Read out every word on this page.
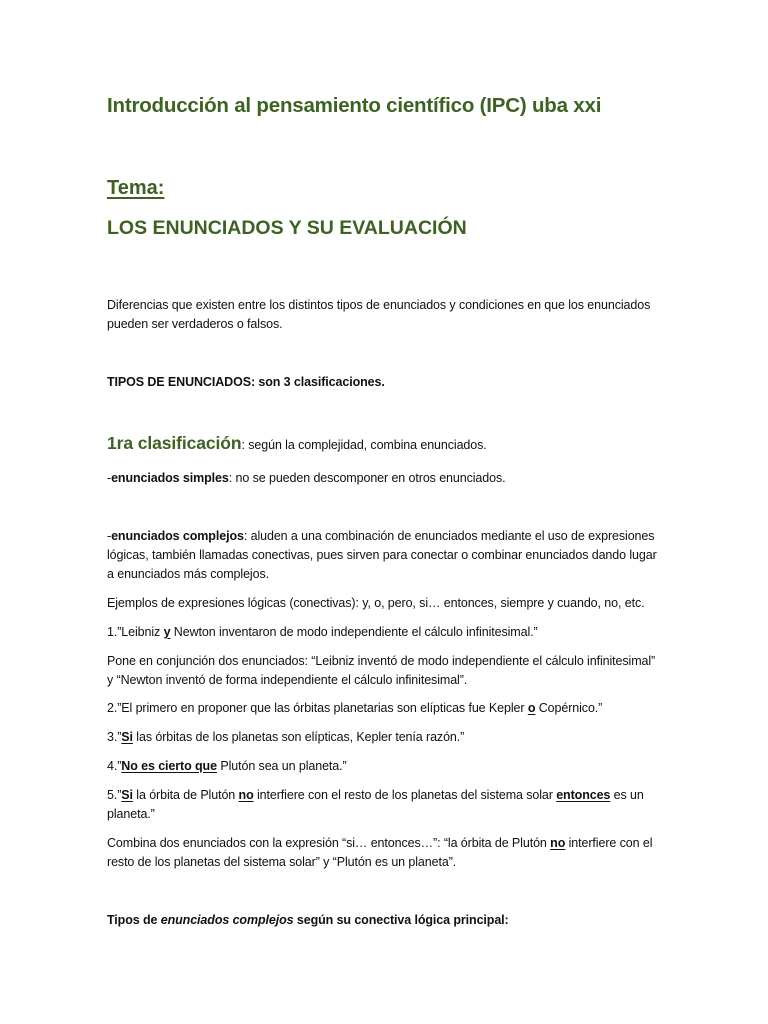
Introducción al pensamiento científico (IPC) uba xxi
Tema:
LOS ENUNCIADOS Y SU EVALUACIÓN

Diferencias que existen entre los distintos tipos de enunciados y condiciones en que los enunciados pueden ser verdaderos o falsos.

TIPOS DE ENUNCIADOS: son 3 clasificaciones.

1ra clasificación: según la complejidad, combina enunciados.

-enunciados simples: no se pueden descomponer en otros enunciados.

-enunciados complejos: aluden a una combinación de enunciados mediante el uso de expresiones lógicas, también llamadas conectivas, pues sirven para conectar o combinar enunciados dando lugar a enunciados más complejos.

Ejemplos de expresiones lógicas (conectivas): y, o, pero, si… entonces, siempre y cuando, no, etc.

1.”Leibniz y Newton inventaron de modo independiente el cálculo infinitesimal.”

Pone en conjunción dos enunciados: “Leibniz inventó de modo independiente el cálculo infinitesimal” y “Newton inventó de forma independiente el cálculo infinitesimal”.

2.”El primero en proponer que las órbitas planetarias son elípticas fue Kepler o Copérnico.”

3.”Si las órbitas de los planetas son elípticas, Kepler tenía razón.”

4.”No es cierto que Plutón sea un planeta.”

5.”Si la órbita de Plutón no interfiere con el resto de los planetas del sistema solar entonces es un planeta.”

Combina dos enunciados con la expresión “si… entonces…”: “la órbita de Plutón no interfiere con el resto de los planetas del sistema solar” y “Plutón es un planeta”.

Tipos de enunciados complejos según su conectiva lógica principal:
